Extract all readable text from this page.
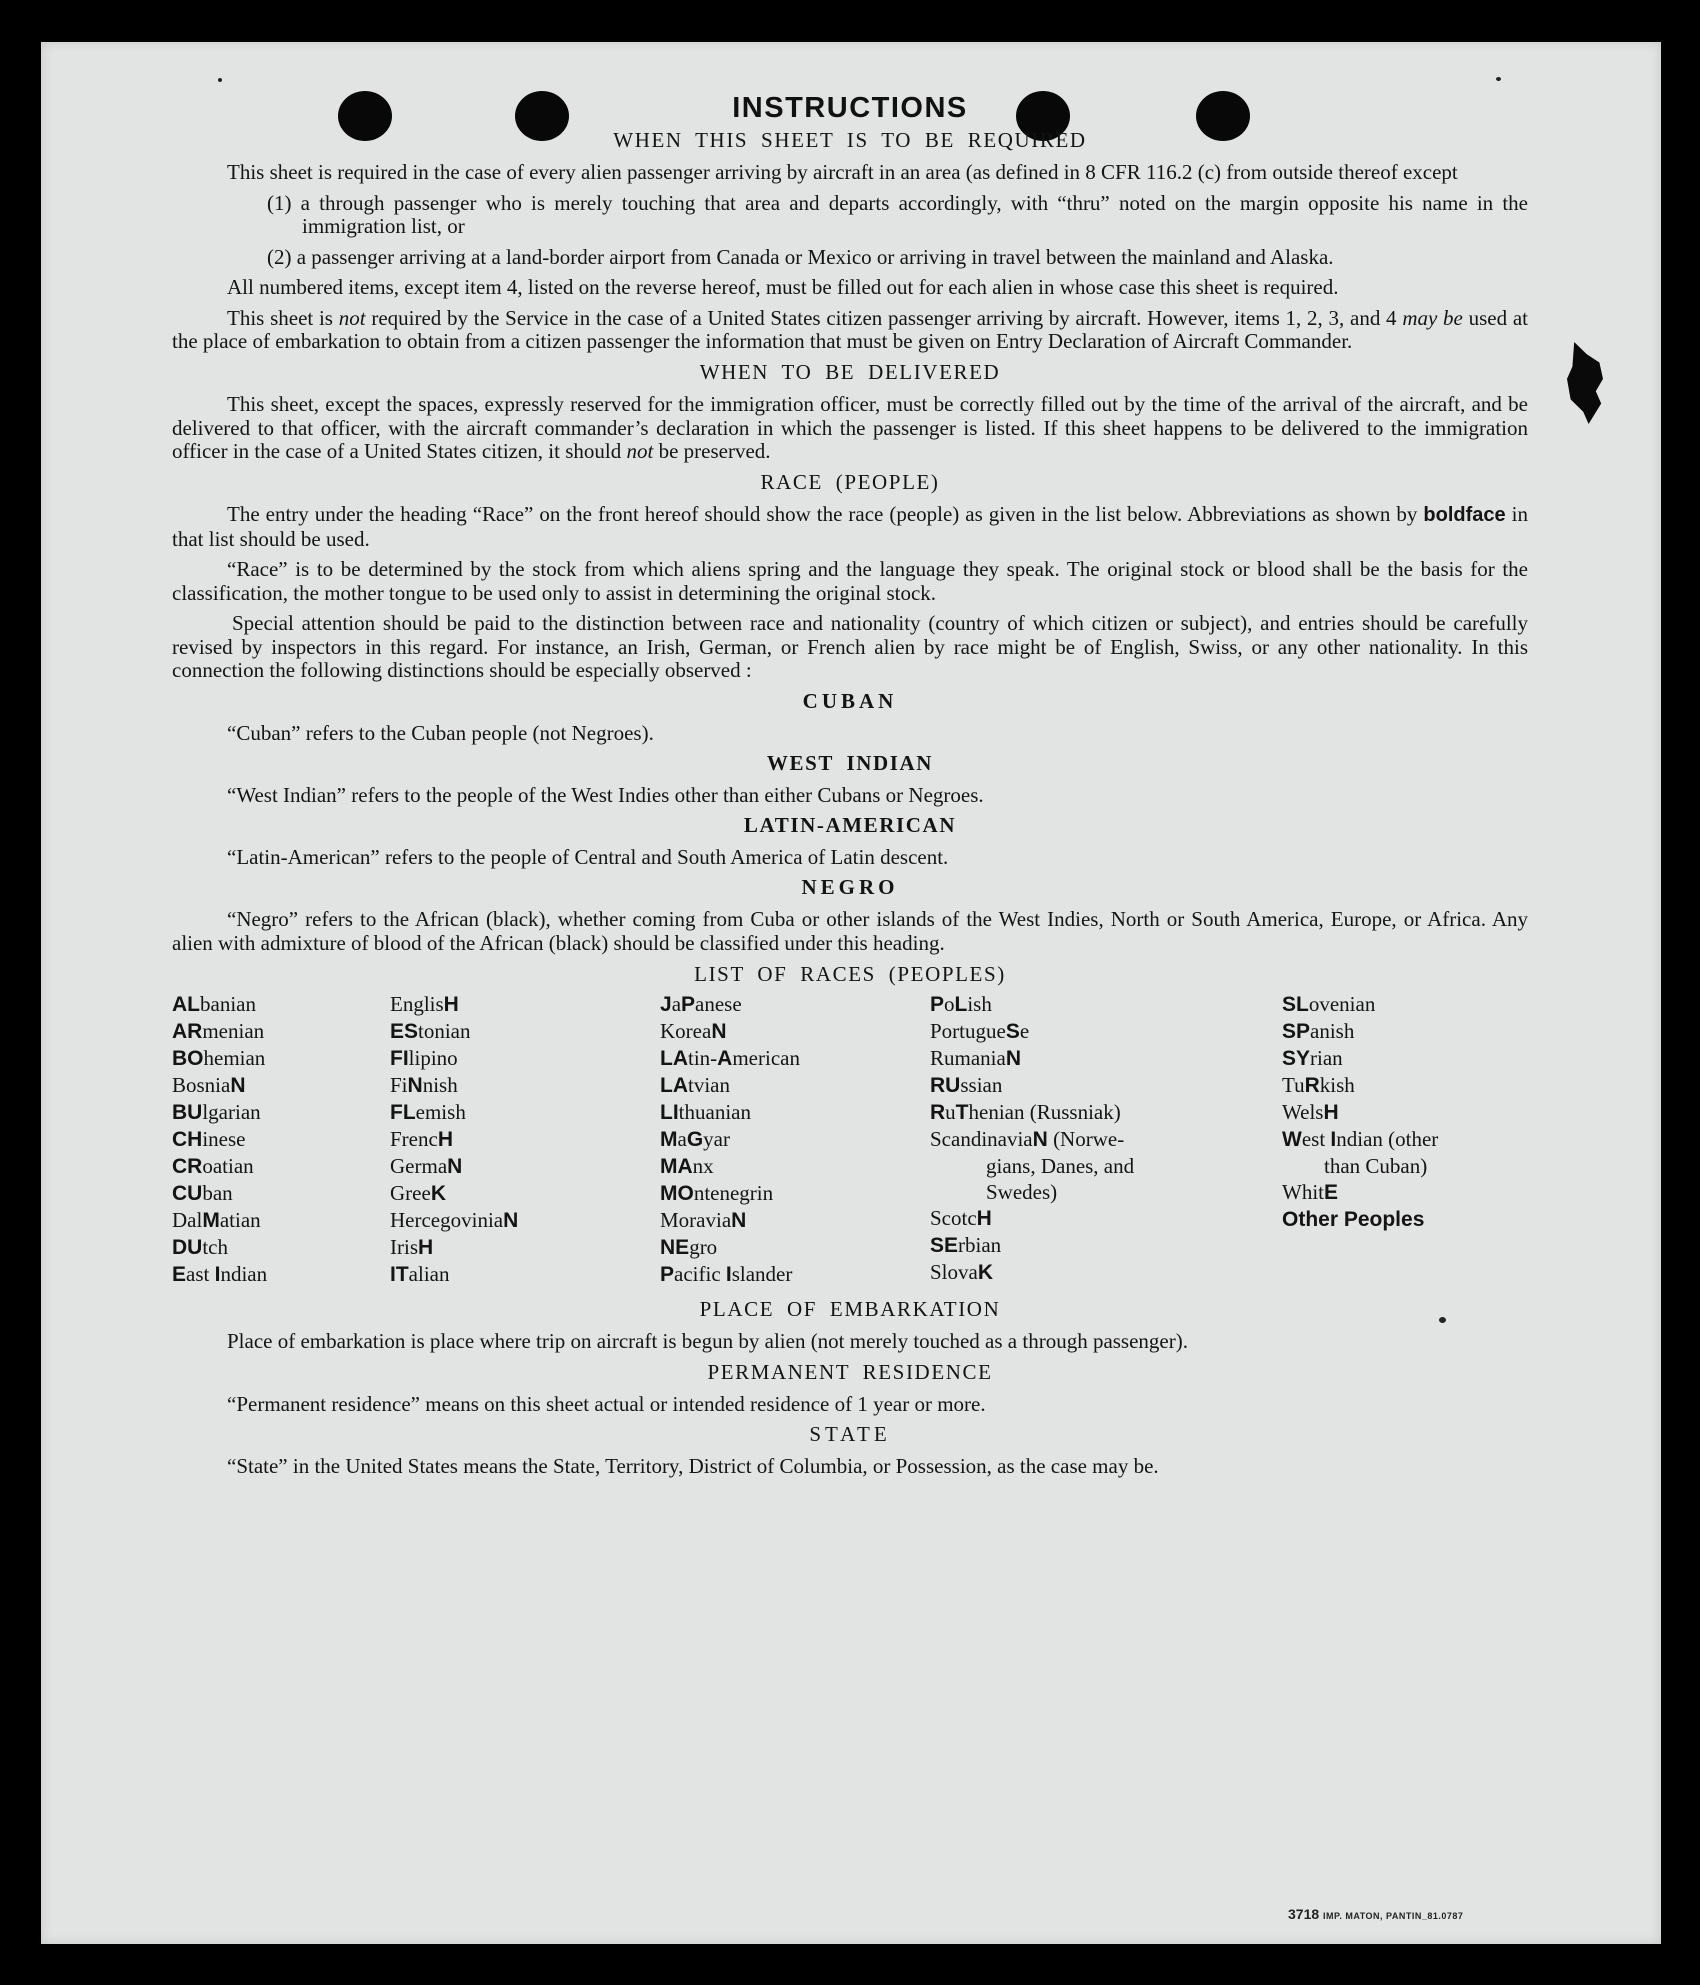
INSTRUCTIONS
WHEN THIS SHEET IS TO BE REQUIRED

This sheet is required in the case of every alien passenger arriving by aircraft in an area (as defined in 8 CFR 116.2 (c) from outside thereof except

(1) a through passenger who is merely touching that area and departs accordingly, with “thru” noted on the margin opposite his name in the immigration list, or

(2) a passenger arriving at a land-border airport from Canada or Mexico or arriving in travel between the mainland and Alaska.

All numbered items, except item 4, listed on the reverse hereof, must be filled out for each alien in whose case this sheet is required.

This sheet is not required by the Service in the case of a United States citizen passenger arriving by aircraft. However, items 1, 2, 3, and 4 may be used at the place of embarkation to obtain from a citizen passenger the information that must be given on Entry Declaration of Aircraft Commander.

WHEN TO BE DELIVERED

This sheet, except the spaces, expressly reserved for the immigration officer, must be correctly filled out by the time of the arrival of the aircraft, and be delivered to that officer, with the aircraft commander’s declaration in which the passenger is listed. If this sheet happens to be delivered to the immigration officer in the case of a United States citizen, it should not be preserved.

RACE (PEOPLE)

The entry under the heading “Race” on the front hereof should show the race (people) as given in the list below. Abbreviations as shown by boldface in that list should be used.

“Race” is to be determined by the stock from which aliens spring and the language they speak. The original stock or blood shall be the basis for the classification, the mother tongue to be used only to assist in determining the original stock.

Special attention should be paid to the distinction between race and nationality (country of which citizen or subject), and entries should be carefully revised by inspectors in this regard. For instance, an Irish, German, or French alien by race might be of English, Swiss, or any other nationality. In this connection the following distinctions should be especially observed :

CUBAN

“Cuban” refers to the Cuban people (not Negroes).

WEST INDIAN

“West Indian” refers to the people of the West Indies other than either Cubans or Negroes.

LATIN-AMERICAN

“Latin-American” refers to the people of Central and South America of Latin descent.

NEGRO

“Negro” refers to the African (black), whether coming from Cuba or other islands of the West Indies, North or South America, Europe, or Africa. Any alien with admixture of blood of the African (black) should be classified under this heading.

LIST OF RACES (PEOPLES)
ALbanian
ARmenian
BOhemian
BosniaN
BUlgarian
CHinese
CRoatian
CUban
DalMatian
DUtch
East Indian
EnglisH
EStonian
FIlipino
FiNnish
FLemish
FrencH
GermaN
GreeK
HercegoviniaN
IrisH
ITalian
JaPanese
KoreaN
LAtin-American
LAtvian
LIthuanian
MaGyar
MAnx
MOntenegrin
MoraviaN
NEgro
Pacific Islander
PoLish
PortugueSe
RumaniaN
RUssian
RuThenian (Russniak)
ScandinaviaN (Norwe-
gians, Danes, and
Swedes)
ScotcH
SErbian
SlovaK
SLovenian
SPanish
SYrian
TuRkish
WelsH
West Indian (other
than Cuban)
WhitE
Other Peoples
PLACE OF EMBARKATION

Place of embarkation is place where trip on aircraft is begun by alien (not merely touched as a through passenger).

PERMANENT RESIDENCE

“Permanent residence” means on this sheet actual or intended residence of 1 year or more.

STATE

“State” in the United States means the State, Territory, District of Columbia, or Possession, as the case may be.

3718 IMP. MATON, PANTIN_81.0787
